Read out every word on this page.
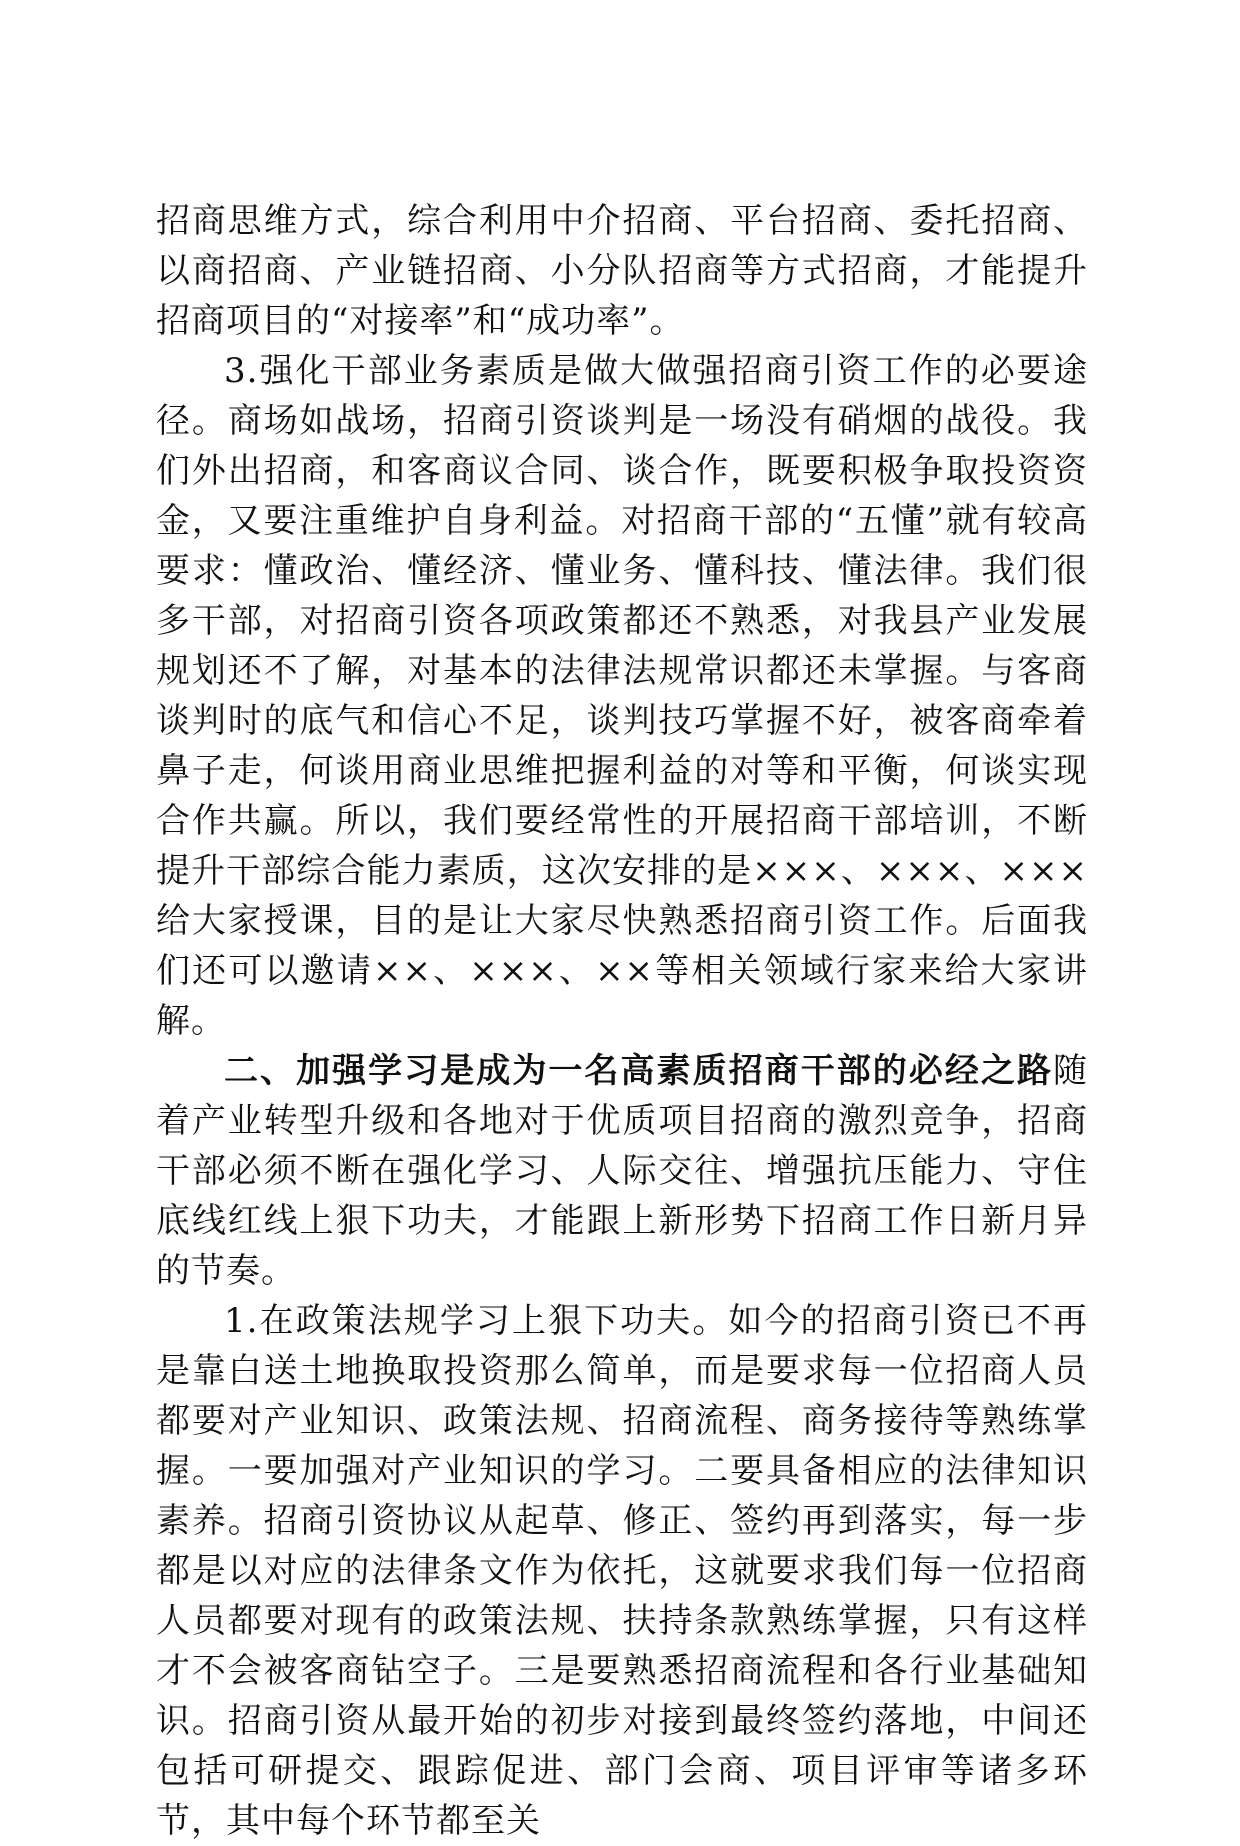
招商思维方式，综合利用中介招商、平台招商、委托招商、以商招商、产业链招商、小分队招商等方式招商，才能提升招商项目的“对接率”和“成功率”。

3.强化干部业务素质是做大做强招商引资工作的必要途径。商场如战场，招商引资谈判是一场没有硝烟的战役。我们外出招商，和客商议合同、谈合作，既要积极争取投资资金，又要注重维护自身利益。对招商干部的“五懂”就有较高要求：懂政治、懂经济、懂业务、懂科技、懂法律。我们很多干部，对招商引资各项政策都还不熟悉，对我县产业发展规划还不了解，对基本的法律法规常识都还未掌握。与客商谈判时的底气和信心不足，谈判技巧掌握不好，被客商牵着鼻子走，何谈用商业思维把握利益的对等和平衡，何谈实现合作共赢。所以，我们要经常性的开展招商干部培训，不断提升干部综合能力素质，这次安排的是×××、×××、×××给大家授课，目的是让大家尽快熟悉招商引资工作。后面我们还可以邀请××、×××、××等相关领域行家来给大家讲解。

二、加强学习是成为一名高素质招商干部的必经之路随着产业转型升级和各地对于优质项目招商的激烈竞争，招商干部必须不断在强化学习、人际交往、增强抗压能力、守住底线红线上狠下功夫，才能跟上新形势下招商工作日新月异的节奏。

1.在政策法规学习上狠下功夫。如今的招商引资已不再是靠白送土地换取投资那么简单，而是要求每一位招商人员都要对产业知识、政策法规、招商流程、商务接待等熟练掌握。一要加强对产业知识的学习。二要具备相应的法律知识素养。招商引资协议从起草、修正、签约再到落实，每一步都是以对应的法律条文作为依托，这就要求我们每一位招商人员都要对现有的政策法规、扶持条款熟练掌握，只有这样才不会被客商钻空子。三是要熟悉招商流程和各行业基础知识。招商引资从最开始的初步对接到最终签约落地，中间还包括可研提交、跟踪促进、部门会商、项目评审等诸多环节，其中每个环节都至关
